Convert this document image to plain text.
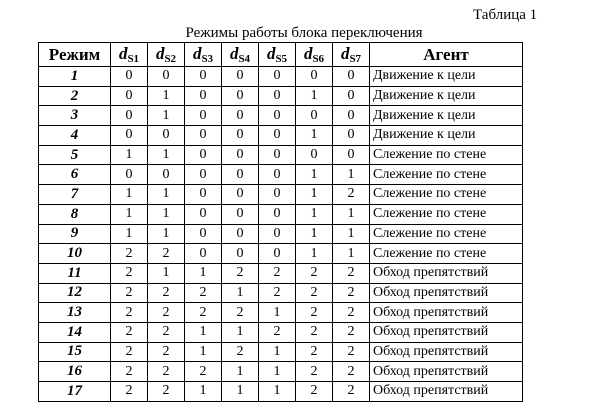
Таблица 1
Режимы работы блока переключения
Режим	$d_{S1}$	$d_{S2}$	$d_{S3}$	$d_{S4}$	$d_{S5}$	$d_{S6}$	$d_{S7}$	Агент
1	0	0	0	0	0	0	0	Движение к цели
2	0	1	0	0	0	1	0	Движение к цели
3	0	1	0	0	0	0	0	Движение к цели
4	0	0	0	0	0	1	0	Движение к цели
5	1	1	0	0	0	0	0	Слежение по стене
6	0	0	0	0	0	1	1	Слежение по стене
7	1	1	0	0	0	1	2	Слежение по стене
8	1	1	0	0	0	1	1	Слежение по стене
9	1	1	0	0	0	1	1	Слежение по стене
10	2	2	0	0	0	1	1	Слежение по стене
11	2	1	1	2	2	2	2	Обход препятствий
12	2	2	2	1	2	2	2	Обход препятствий
13	2	2	2	2	1	2	2	Обход препятствий
14	2	2	1	1	2	2	2	Обход препятствий
15	2	2	1	2	1	2	2	Обход препятствий
16	2	2	2	1	1	2	2	Обход препятствий
17	2	2	1	1	1	2	2	Обход препятствий
